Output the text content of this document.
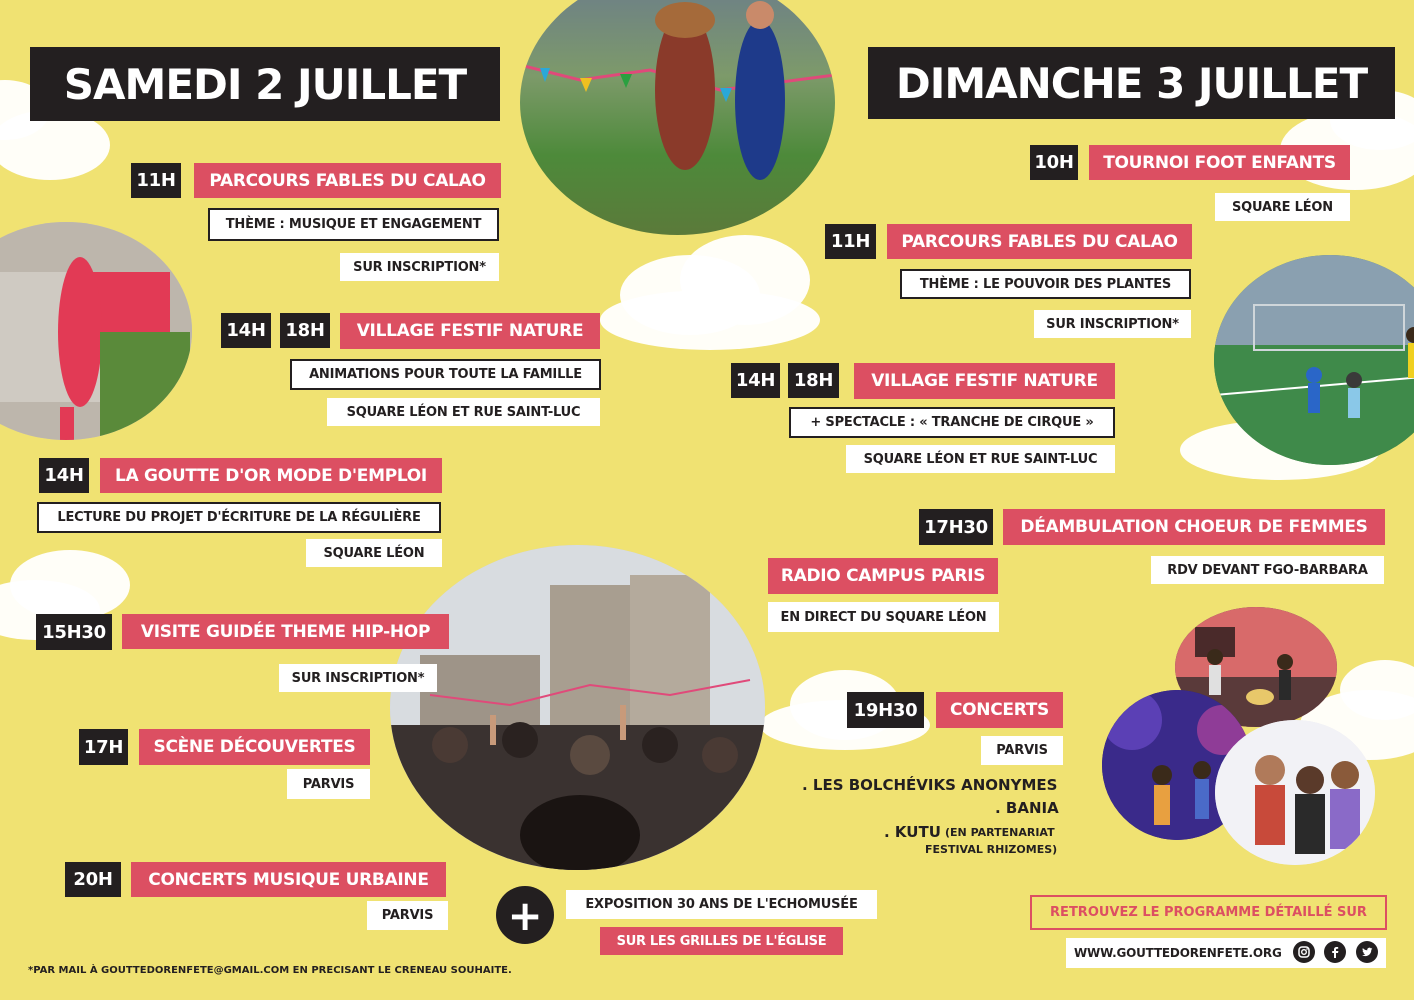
SAMEDI 2 JUILLET	DIMANCHE 3 JUILLET
11H	PARCOURS FABLES DU CALAO
THÈME : MUSIQUE ET ENGAGEMENT
SUR INSCRIPTION*
14H 18H	VILLAGE FESTIF NATURE
ANIMATIONS POUR TOUTE LA FAMILLE
SQUARE LÉON ET RUE SAINT-LUC
14H	LA GOUTTE D'OR MODE D'EMPLOI
LECTURE DU PROJET D'ÉCRITURE DE LA RÉGULIÈRE
SQUARE LÉON
15H30	VISITE GUIDÉE THEME HIP-HOP
SUR INSCRIPTION*
17H	SCÈNE DÉCOUVERTES
PARVIS
20H	CONCERTS MUSIQUE URBAINE
PARVIS	+	EXPOSITION 30 ANS DE L'ECHOMUSÉE
SUR LES GRILLES DE L'ÉGLISE
10H	TOURNOI FOOT ENFANTS
SQUARE LÉON
11H	PARCOURS FABLES DU CALAO
THÈME : LE POUVOIR DES PLANTES
SUR INSCRIPTION*
14H	18H	VILLAGE FESTIF NATURE
+ SPECTACLE : « TRANCHE DE CIRQUE »
SQUARE LÉON ET RUE SAINT-LUC
17H30	DÉAMBULATION CHOEUR DE FEMMES
RDV DEVANT FGO-BARBARA
RADIO CAMPUS PARIS
EN DIRECT DU SQUARE LÉON
19H30	CONCERTS
PARVIS
. LES BOLCHÉVIKS ANONYMES
. BANIA
. KUTU (EN PARTENARIAT
FESTIVAL RHIZOMES)
*PAR MAIL À GOUTTEDORENFETE@GMAIL.COM EN PRECISANT LE CRENEAU SOUHAITE.
RETROUVEZ LE PROGRAMME DÉTAILLÉ SUR
WWW.GOUTTEDORENFETE.ORG
